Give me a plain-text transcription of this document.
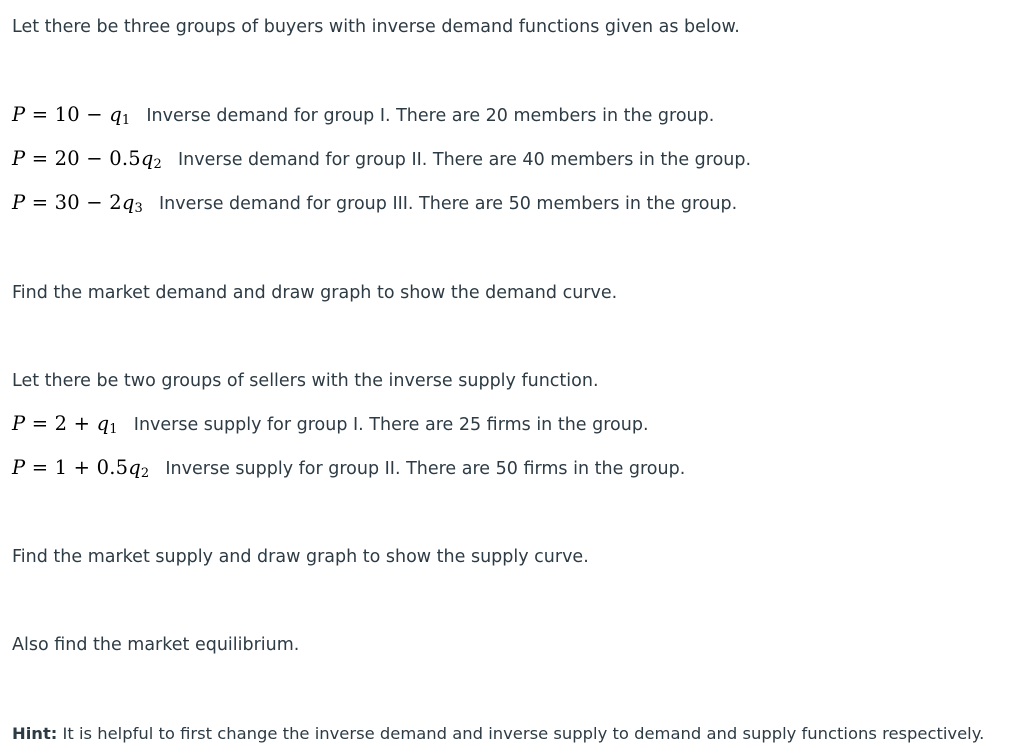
Let there be three groups of buyers with inverse demand functions given as below.
$P = 10 - q_1$ Inverse demand for group I. There are 20 members in the group.
$P = 20 - 0.5q_2$ Inverse demand for group II. There are 40 members in the group.
$P = 30 - 2q_3$ Inverse demand for group III. There are 50 members in the group.
Find the market demand and draw graph to show the demand curve.
Let there be two groups of sellers with the inverse supply function.
$P = 2 + q_1$ Inverse supply for group I. There are 25 firms in the group.
$P = 1 + 0.5q_2$ Inverse supply for group II. There are 50 firms in the group.
Find the market supply and draw graph to show the supply curve.
Also find the market equilibrium.
Hint: It is helpful to first change the inverse demand and inverse supply to demand and supply functions respectively.
